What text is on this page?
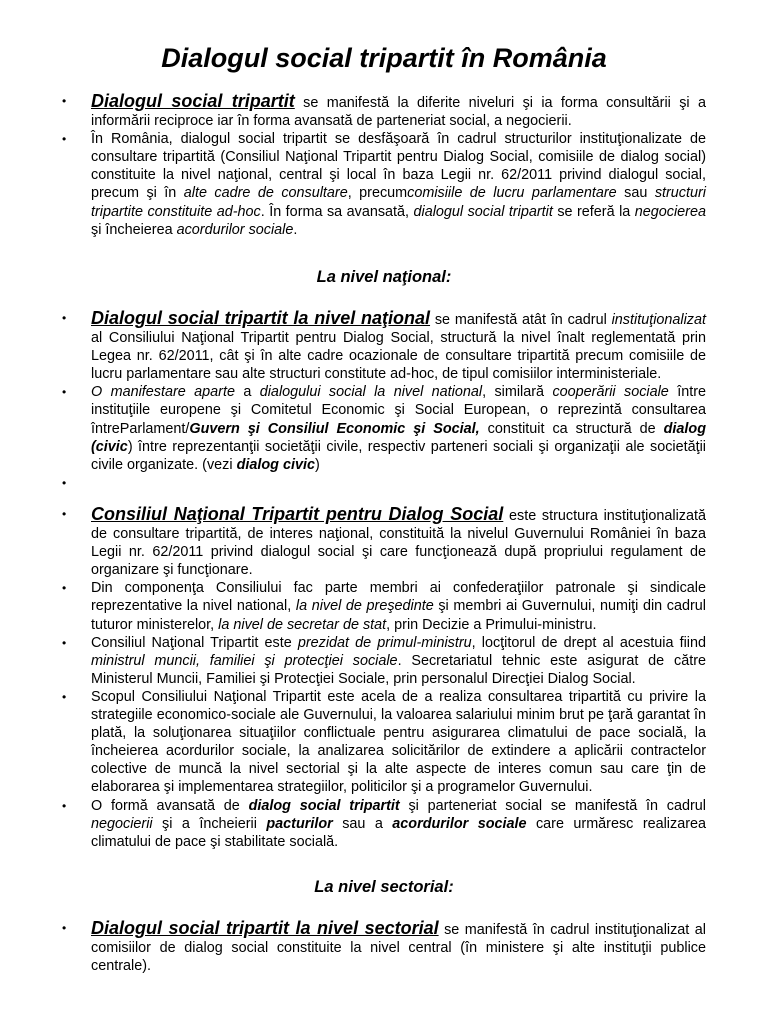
Dialogul social tripartit în România
• Dialogul social tripartit se manifestă la diferite niveluri şi ia forma consultării şi a informării reciproce iar în forma avansată de parteneriat social, a negocierii.
• În România, dialogul social tripartit se desfăşoară în cadrul structurilor instituţionalizate de consultare tripartită (Consiliul Naţional Tripartit pentru Dialog Social, comisiile de dialog social) constituite la nivel naţional, central şi local în baza Legii nr. 62/2011 privind dialogul social, precum şi în alte cadre de consultare, precumcomisiile de lucru parlamentare sau structuri tripartite constituite ad-hoc. În forma sa avansată, dialogul social tripartit se referă la negocierea şi încheierea acordurilor sociale.
La nivel naţional:
• Dialogul social tripartit la nivel naţional se manifestă atât în cadrul instituţionalizat al Consiliului Naţional Tripartit pentru Dialog Social, structură la nivel înalt reglementată prin Legea nr. 62/2011, cât şi în alte cadre ocazionale de consultare tripartită precum comisiile de lucru parlamentare sau alte structuri constitute ad-hoc, de tipul comisiilor interministeriale.
• O manifestare aparte a dialogului social la nivel national, similară cooperării sociale între instituţiile europene şi Comitetul Economic şi Social European, o reprezintă consultarea întreParlament/Guvern şi Consiliul Economic şi Social, constituit ca structură de dialog (civic) între reprezentanţii societăţii civile, respectiv parteneri sociali şi organizaţii ale societăţii civile organizate. (vezi dialog civic)
•
• Consiliul Naţional Tripartit pentru Dialog Social este structura instituţionalizată de consultare tripartită, de interes naţional, constituită la nivelul Guvernului României în baza Legii nr. 62/2011 privind dialogul social şi care funcţionează după propriului regulament de organizare şi funcţionare.
• Din componenţa Consiliului fac parte membri ai confederaţiilor patronale şi sindicale reprezentative la nivel national, la nivel de preşedinte şi membri ai Guvernului, numiţi din cadrul tuturor ministerelor, la nivel de secretar de stat, prin Decizie a Primului-ministru.
• Consiliul Naţional Tripartit este prezidat de primul-ministru, locţitorul de drept al acestuia fiind ministrul muncii, familiei şi protecţiei sociale. Secretariatul tehnic este asigurat de către Ministerul Muncii, Familiei şi Protecţiei Sociale, prin personalul Direcţiei Dialog Social.
• Scopul Consiliului Naţional Tripartit este acela de a realiza consultarea tripartită cu privire la strategiile economico-sociale ale Guvernului, la valoarea salariului minim brut pe ţară garantat în plată, la soluţionarea situaţiilor conflictuale pentru asigurarea climatului de pace socială, la încheierea acordurilor sociale, la analizarea solicitărilor de extindere a aplicării contractelor colective de muncă la nivel sectorial şi la alte aspecte de interes comun sau care ţin de elaborarea şi implementarea strategiilor, politicilor şi a programelor Guvernului.
• O formă avansată de dialog social tripartit şi parteneriat social se manifestă în cadrul negocierii şi a încheierii pacturilor sau a acordurilor sociale care urmăresc realizarea climatului de pace şi stabilitate socială.
La nivel sectorial:
• Dialogul social tripartit la nivel sectorial se manifestă în cadrul instituţionalizat al comisiilor de dialog social constituite la nivel central (în ministere şi alte instituţii publice centrale).
